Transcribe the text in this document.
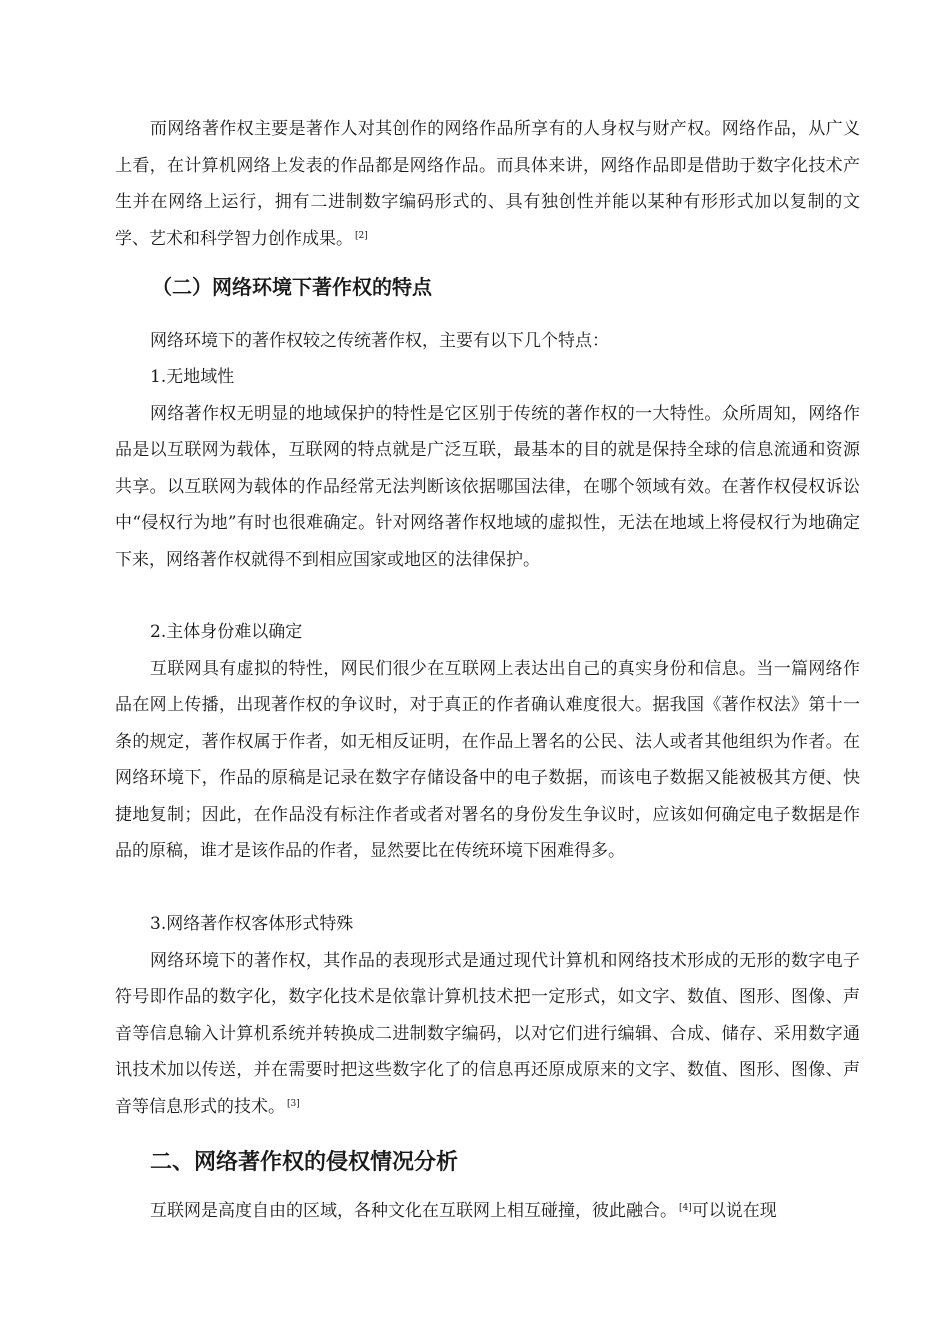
而网络著作权主要是著作人对其创作的网络作品所享有的人身权与财产权。网络作品，从广义上看，在计算机网络上发表的作品都是网络作品。而具体来讲，网络作品即是借助于数字化技术产生并在网络上运行，拥有二进制数字编码形式的、具有独创性并能以某种有形形式加以复制的文学、艺术和科学智力创作成果。 [2]

（二）网络环境下著作权的特点

网络环境下的著作权较之传统著作权，主要有以下几个特点：

1.无地域性

网络著作权无明显的地域保护的特性是它区别于传统的著作权的一大特性。众所周知，网络作品是以互联网为载体，互联网的特点就是广泛互联，最基本的目的就是保持全球的信息流通和资源共享。以互联网为载体的作品经常无法判断该依据哪国法律，在哪个领域有效。在著作权侵权诉讼中“侵权行为地”有时也很难确定。针对网络著作权地域的虚拟性，无法在地域上将侵权行为地确定下来，网络著作权就得不到相应国家或地区的法律保护。

2.主体身份难以确定

互联网具有虚拟的特性，网民们很少在互联网上表达出自己的真实身份和信息。当一篇网络作品在网上传播，出现著作权的争议时，对于真正的作者确认难度很大。据我国《著作权法》第十一条的规定，著作权属于作者，如无相反证明，在作品上署名的公民、法人或者其他组织为作者。在网络环境下，作品的原稿是记录在数字存储设备中的电子数据，而该电子数据又能被极其方便、快捷地复制；因此，在作品没有标注作者或者对署名的身份发生争议时，应该如何确定电子数据是作品的原稿，谁才是该作品的作者，显然要比在传统环境下困难得多。

3.网络著作权客体形式特殊

网络环境下的著作权，其作品的表现形式是通过现代计算机和网络技术形成的无形的数字电子符号即作品的数字化，数字化技术是依靠计算机技术把一定形式，如文字、数值、图形、图像、声音等信息输入计算机系统并转换成二进制数字编码，以对它们进行编辑、合成、储存、采用数字通讯技术加以传送，并在需要时把这些数字化了的信息再还原成原来的文字、数值、图形、图像、声音等信息形式的技术。 [3]

二、网络著作权的侵权情况分析

互联网是高度自由的区域，各种文化在互联网上相互碰撞，彼此融合。 [4]可以说在现
